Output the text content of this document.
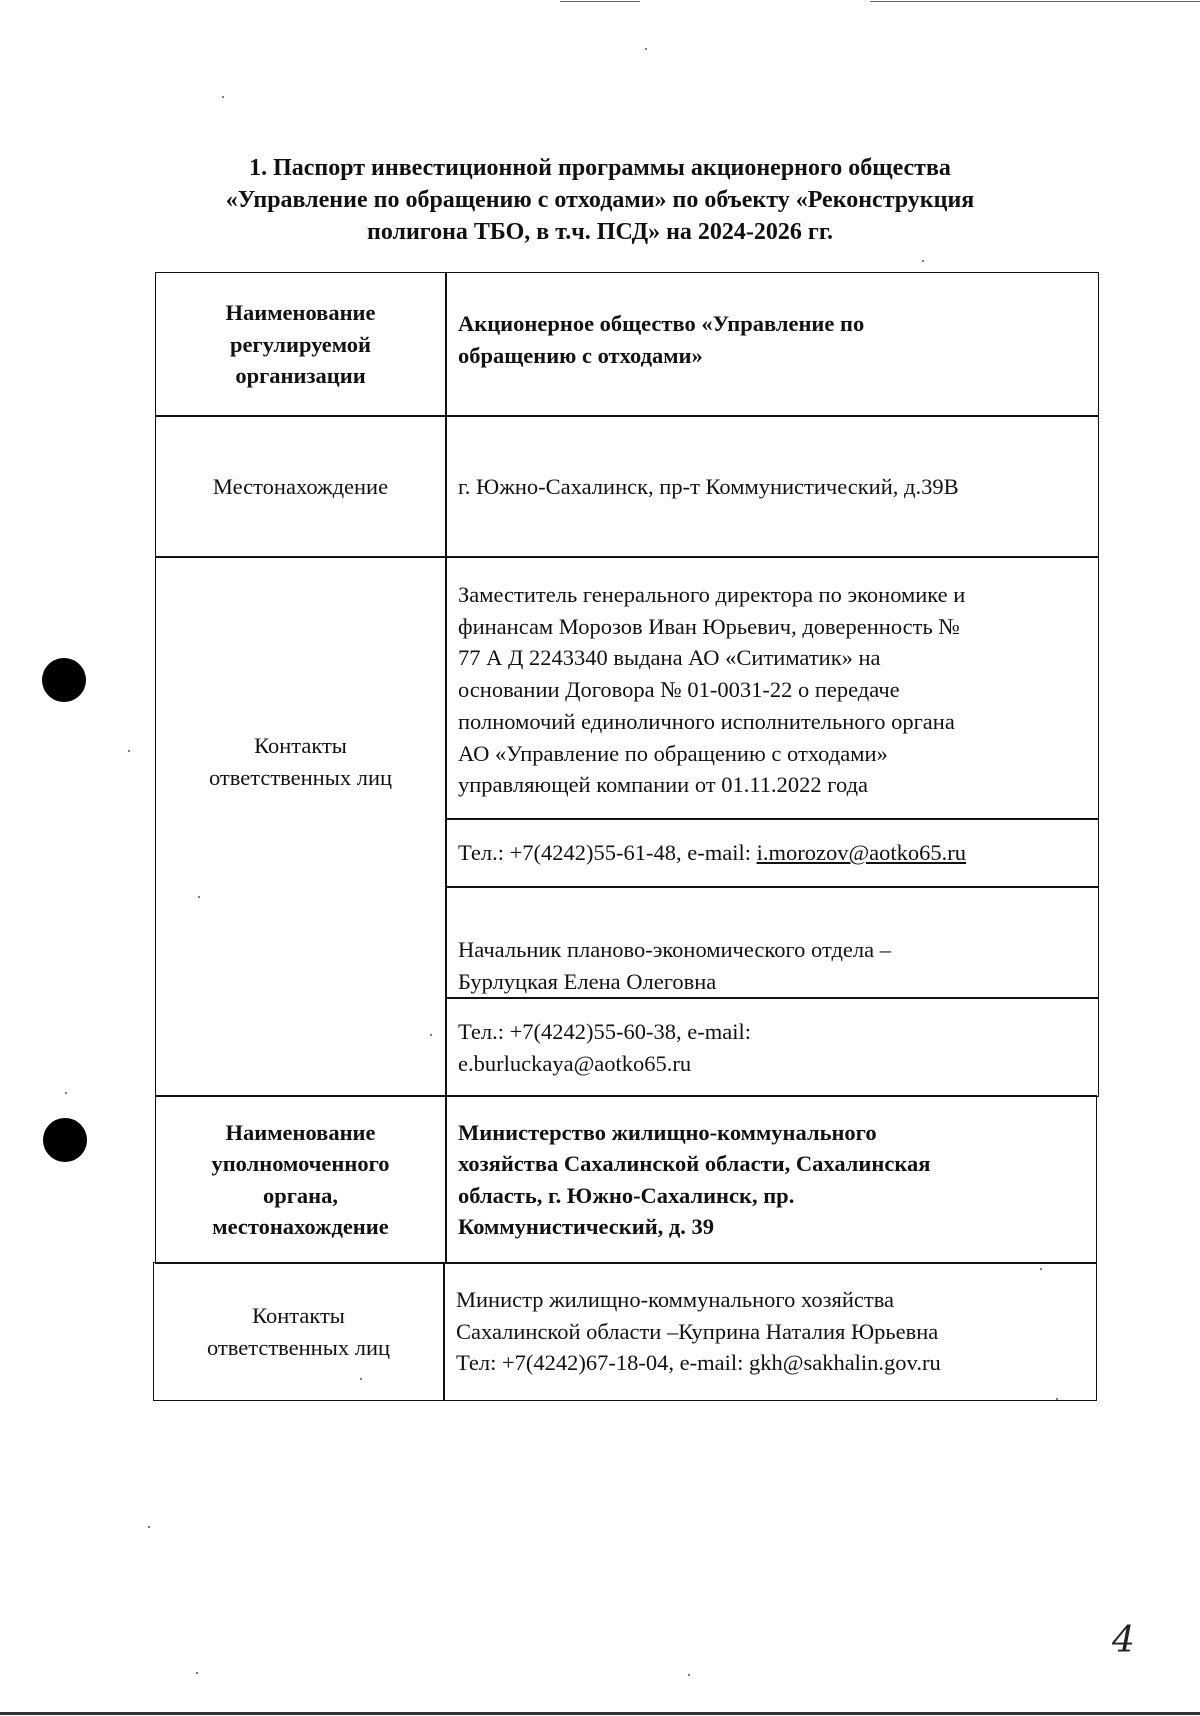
1. Паспорт инвестиционной программы акционерного общества
«Управление по обращению с отходами» по объекту «Реконструкция
полигона ТБО, в т.ч. ПСД» на 2024-2026 гг.
Наименование
регулируемой
организации
Акционерное общество «Управление по
обращению с отходами»
Местонахождение	г. Южно-Сахалинск, пр-т Коммунистический, д.39В
Контакты
ответственных лиц
Заместитель генерального директора по экономике и
финансам Морозов Иван Юрьевич, доверенность №
77 А Д 2243340 выдана АО «Ситиматик» на
основании Договора № 01-0031-22 о передаче
полномочий единоличного исполнительного органа
АО «Управление по обращению с отходами»
управляющей компании от 01.11.2022 года
Тел.: +7(4242)55-61-48, e-mail: i.morozov@aotko65.ru
Начальник планово-экономического отдела –
Бурлуцкая Елена Олеговна
Тел.: +7(4242)55-60-38, e-mail:
e.burluckaya@aotko65.ru
Наименование
уполномоченного
органа,
местонахождение
Министерство жилищно-коммунального
хозяйства Сахалинской области, Сахалинская
область, г. Южно-Сахалинск, пр.
Коммунистический, д. 39
Контакты
ответственных лиц
Министр жилищно-коммунального хозяйства
Сахалинской области –Куприна Наталия Юрьевна
Тел: +7(4242)67-18-04, e-mail: gkh@sakhalin.gov.ru
4
